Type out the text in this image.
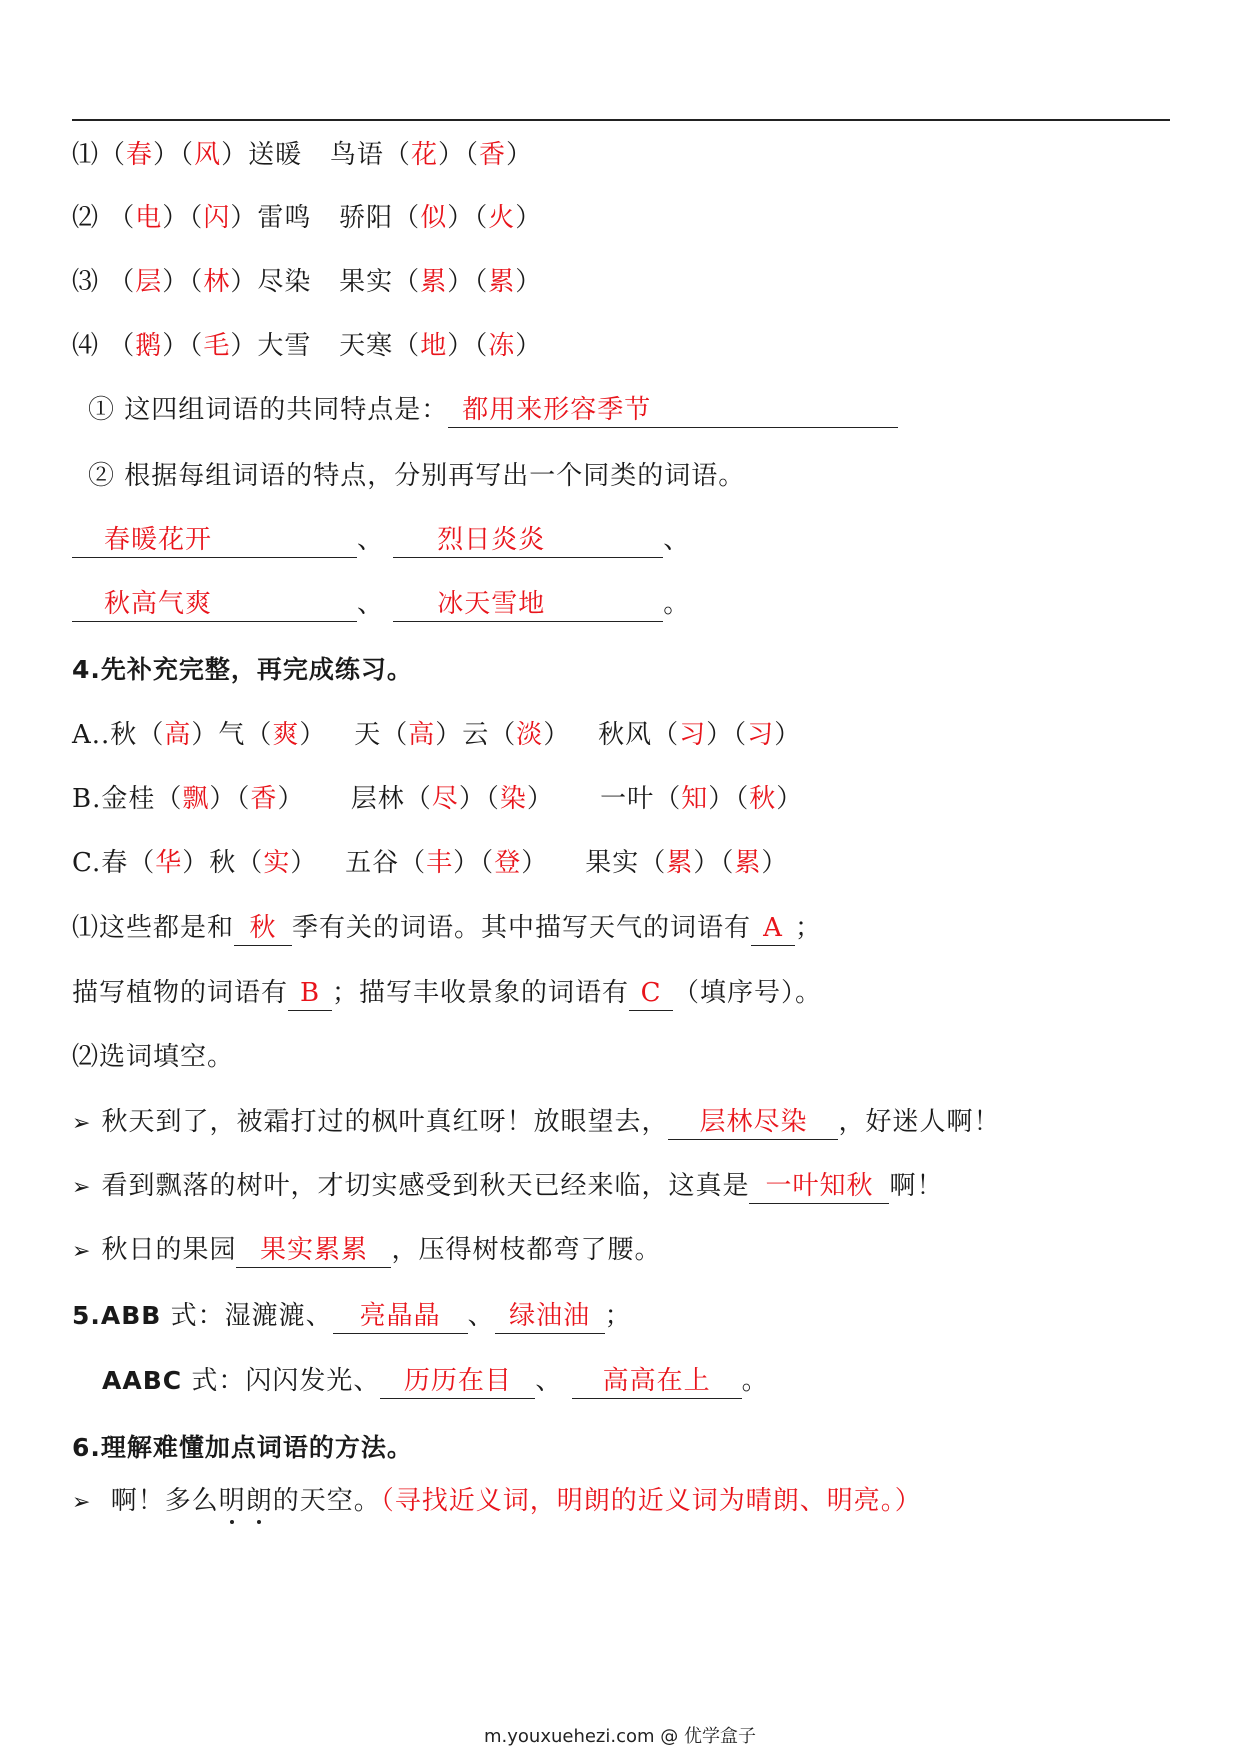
⑴（春）（风）送暖 鸟语（花）（香）
⑵ （电）（闪）雷鸣 骄阳（似）（火）
⑶ （层）（林）尽染 果实（累）（累）
⑷ （鹅）（毛）大雪 天寒（地）（冻）
① 这四组词语的共同特点是： 都用来形容季节
② 根据每组词语的特点，分别再写出一个同类的词语。
春暖花开	、 烈日炎炎	、
秋高气爽	、 冰天雪地	。
4.先补充完整，再完成练习。
A..秋（高）气（爽）   天（高）云（淡）   秋风（习）（习）
B.金桂（飘）（香）     层林（尽）（染）     一叶（知）（秋）
C.春（华）秋（实）   五谷（丰）（登）    果实（累）（累）
⑴这些都是和 秋 季有关的词语。其中描写天气的词语有 A ；
描写植物的词语有 B ；描写丰收景象的词语有 C （填序号）。
⑵选词填空。
➢ 秋天到了，被霜打过的枫叶真红呀！放眼望去， 层林尽染 ，好迷人啊！
➢ 看到飘落的树叶，才切实感受到秋天已经来临，这真是 一叶知秋 啊！
➢ 秋日的果园 果实累累 ，压得树枝都弯了腰。
5.ABB 式：湿漉漉、 亮晶晶 、 绿油油 ；
AABC 式：闪闪发光、 历历在目 、 高高在上 。
6.理解难懂加点词语的方法。
➢ 啊！多么明朗的天空。（寻找近义词，明朗的近义词为晴朗、明亮。）
m.youxuehezi.com @ 优学盒子
